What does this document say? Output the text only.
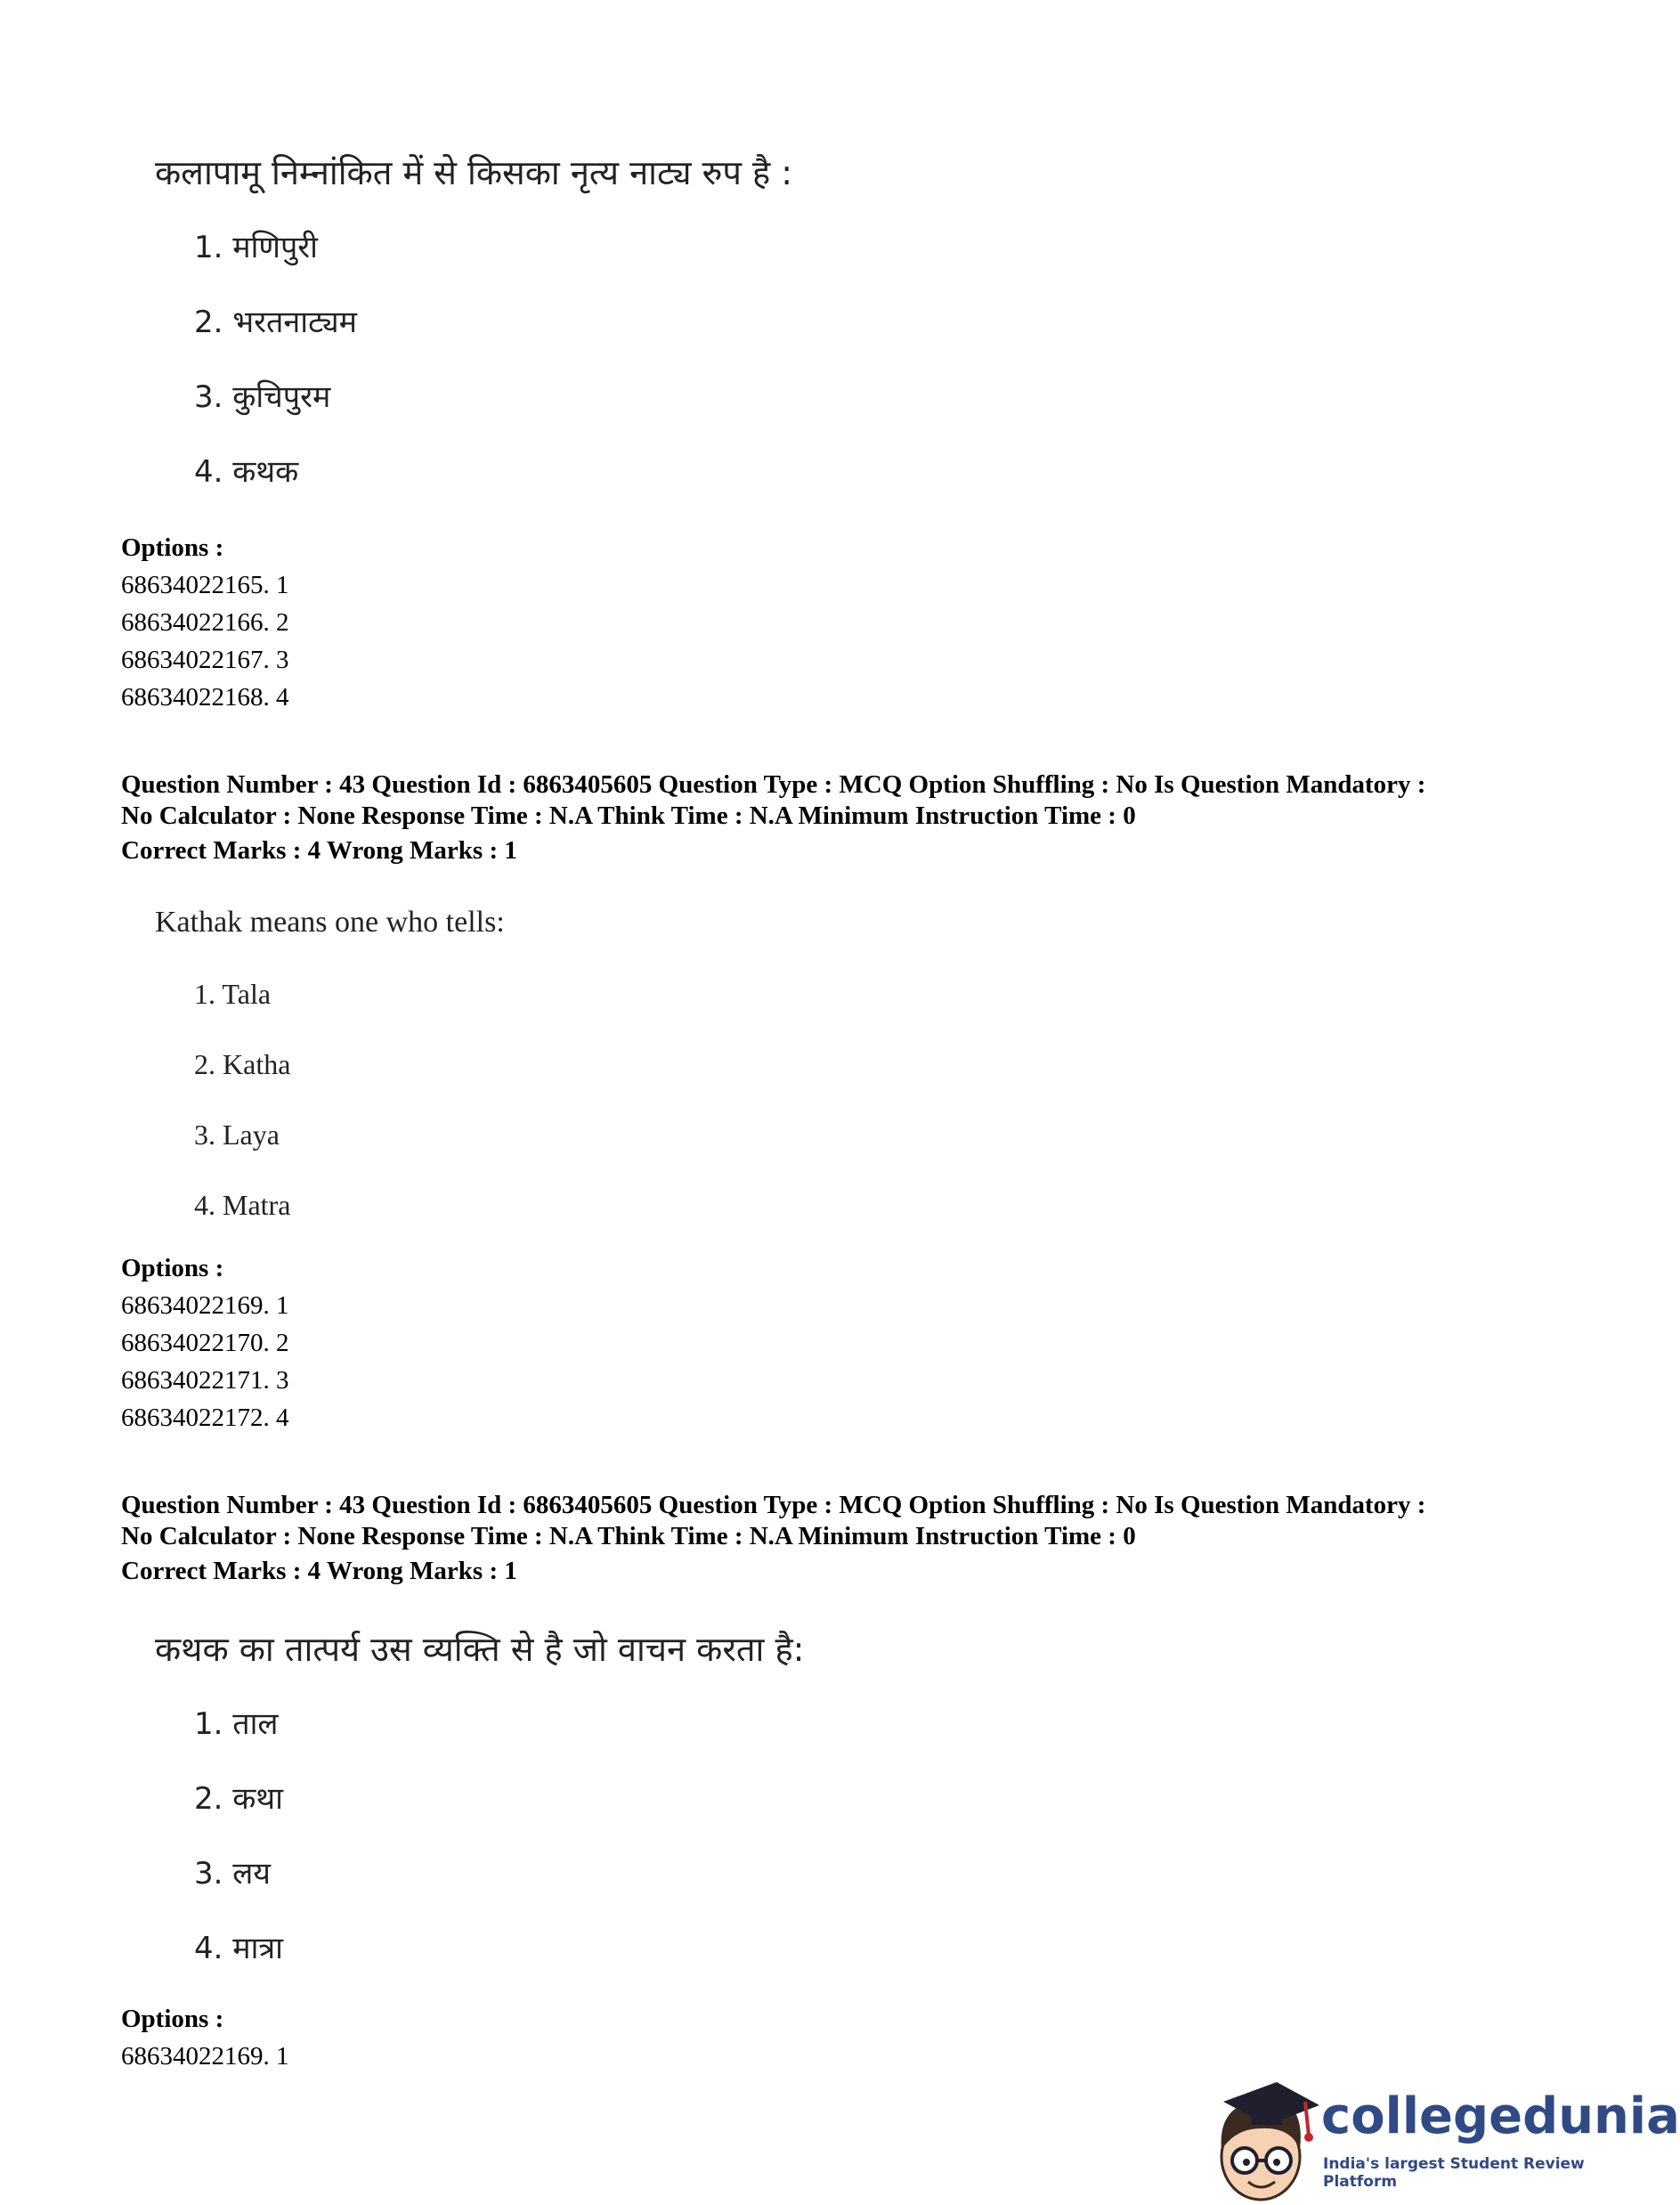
कलापामू निम्नांकित में से किसका नृत्य नाट्य रुप है :
1. मणिपुरी
2. भरतनाट्यम
3. कुचिपुरम
4. कथक
Options :
68634022165. 1
68634022166. 2
68634022167. 3
68634022168. 4
Question Number : 43 Question Id : 6863405605 Question Type : MCQ Option Shuffling : No Is Question Mandatory :
No Calculator : None Response Time : N.A Think Time : N.A Minimum Instruction Time : 0
Correct Marks : 4 Wrong Marks : 1
Kathak means one who tells:
1. Tala
2. Katha
3. Laya
4. Matra
Options :
68634022169. 1
68634022170. 2
68634022171. 3
68634022172. 4
Question Number : 43 Question Id : 6863405605 Question Type : MCQ Option Shuffling : No Is Question Mandatory :
No Calculator : None Response Time : N.A Think Time : N.A Minimum Instruction Time : 0
Correct Marks : 4 Wrong Marks : 1
कथक का तात्पर्य उस व्यक्ति से है जो वाचन करता है:
1. ताल
2. कथा
3. लय
4. मात्रा
Options :
68634022169. 1
collegedunia
India's largest Student Review Platform
